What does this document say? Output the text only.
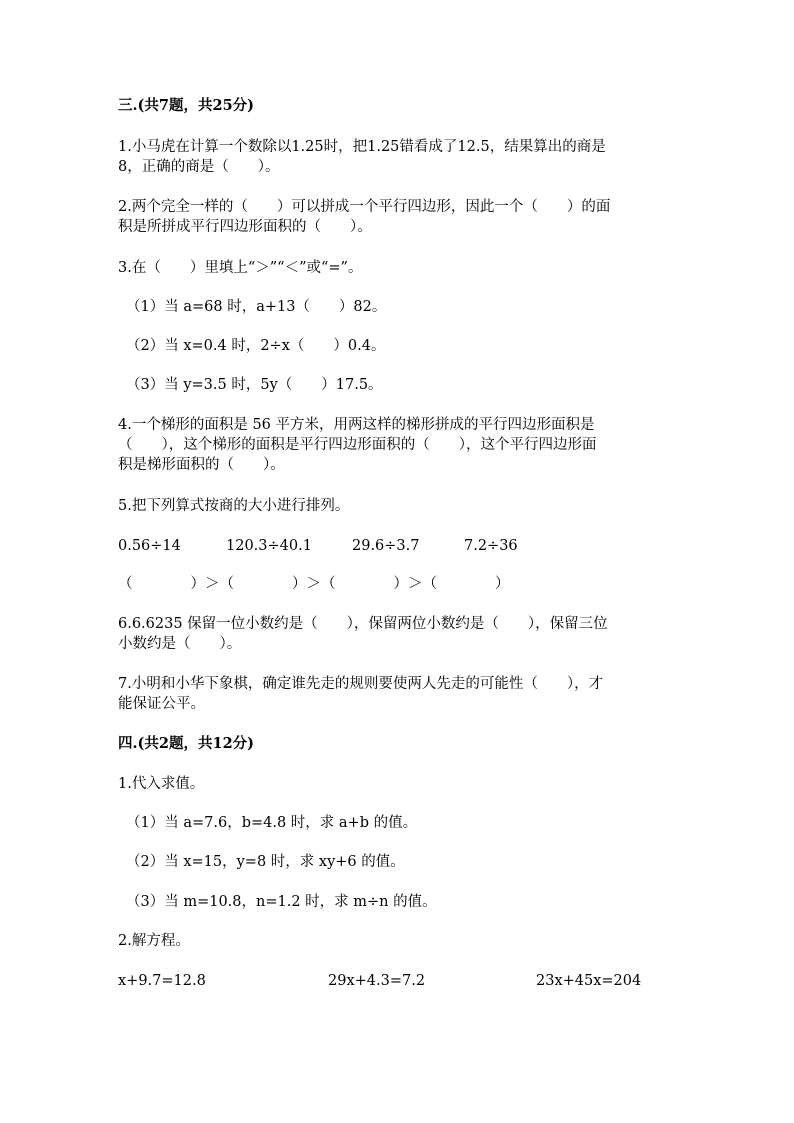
三.(共7题，共25分)
1.小马虎在计算一个数除以1.25时，把1.25错看成了12.5，结果算出的商是
8，正确的商是（　　）。
2.两个完全一样的（　　）可以拼成一个平行四边形，因此一个（　　）的面
积是所拼成平行四边形面积的（　　）。
3.在（　　）里填上“＞”“＜”或“=”。
（1）当 a=68 时，a+13（　　）82。
（2）当 x=0.4 时，2÷x（　　）0.4。
（3）当 y=3.5 时，5y（　　）17.5。
4.一个梯形的面积是 56 平方米，用两这样的梯形拼成的平行四边形面积是
（　　），这个梯形的面积是平行四边形面积的（　　），这个平行四边形面
积是梯形面积的（　　）。
5.把下列算式按商的大小进行排列。
0.56÷14	120.3÷40.1	29.6÷3.7	7.2÷36
（　　　　）＞（　　　　）＞（　　　　）＞（　　　　）
6.6.6235 保留一位小数约是（　　），保留两位小数约是（　　），保留三位
小数约是（　　）。
7.小明和小华下象棋，确定谁先走的规则要使两人先走的可能性（　　），才
能保证公平。
四.(共2题，共12分)
1.代入求值。
（1）当 a=7.6，b=4.8 时，求 a+b 的值。
（2）当 x=15，y=8 时，求 xy+6 的值。
（3）当 m=10.8，n=1.2 时，求 m÷n 的值。
2.解方程。
x+9.7=12.8	29x+4.3=7.2	23x+45x=204
